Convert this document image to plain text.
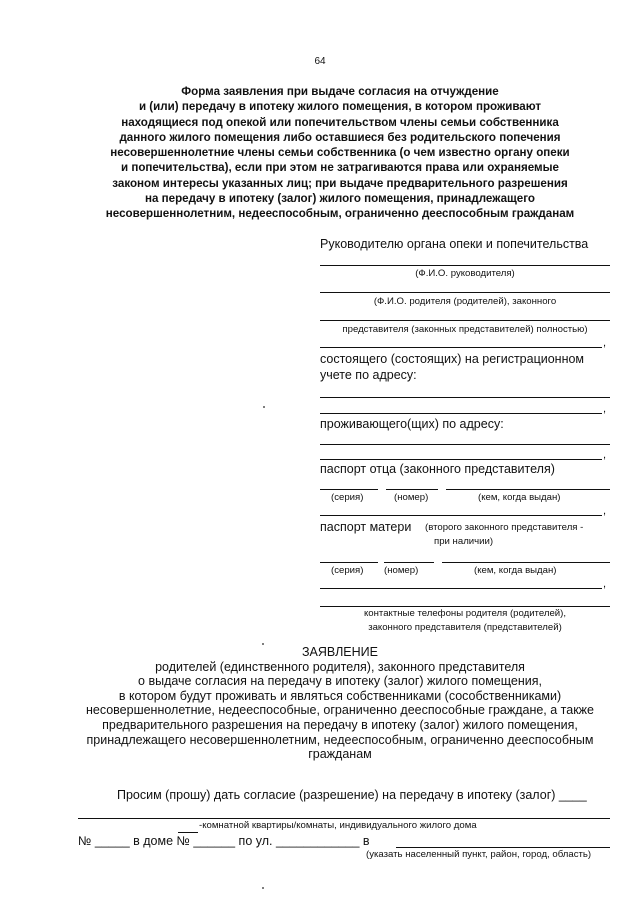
64
Форма заявления при выдаче согласия на отчуждение
и (или) передачу в ипотеку жилого помещения, в котором проживают
находящиеся под опекой или попечительством члены семьи собственника
данного жилого помещения либо оставшиеся без родительского попечения
несовершеннолетние члены семьи собственника (о чем известно органу опеки
и попечительства), если при этом не затрагиваются права или охраняемые
законом интересы указанных лиц; при выдаче предварительного разрешения
на передачу в ипотеку (залог) жилого помещения, принадлежащего
несовершеннолетним, недееспособным, ограниченно дееспособным гражданам
Руководителю органа опеки и попечительства
(Ф.И.О. руководителя)
(Ф.И.О. родителя (родителей), законного
представителя (законных представителей) полностью)
,
состоящего (состоящих) на регистрационном
учете по адресу:
,
проживающего(щих) по адресу:
,
паспорт отца (законного представителя)
(серия)	(номер)	(кем, когда выдан)
,
паспорт матери (второго законного представителя -
при наличии)
(серия) (номер)	(кем, когда выдан)
,
контактные телефоны родителя (родителей),
законного представителя (представителей)
ЗАЯВЛЕНИЕ
родителей (единственного родителя), законного представителя
о выдаче согласия на передачу в ипотеку (залог) жилого помещения,
в котором будут проживать и являться собственниками (сособственниками)
несовершеннолетние, недееспособные, ограниченно дееспособные граждане, а также
предварительного разрешения на передачу в ипотеку (залог) жилого помещения,
принадлежащего несовершеннолетним, недееспособным, ограниченно дееспособным
гражданам
Просим (прошу) дать согласие (разрешение) на передачу в ипотеку (залог) ____
-комнатной квартиры/комнаты, индивидуального жилого дома
№ _____ в доме № ______ по ул. ____________ в
(указать населенный пункт, район, город, область)
